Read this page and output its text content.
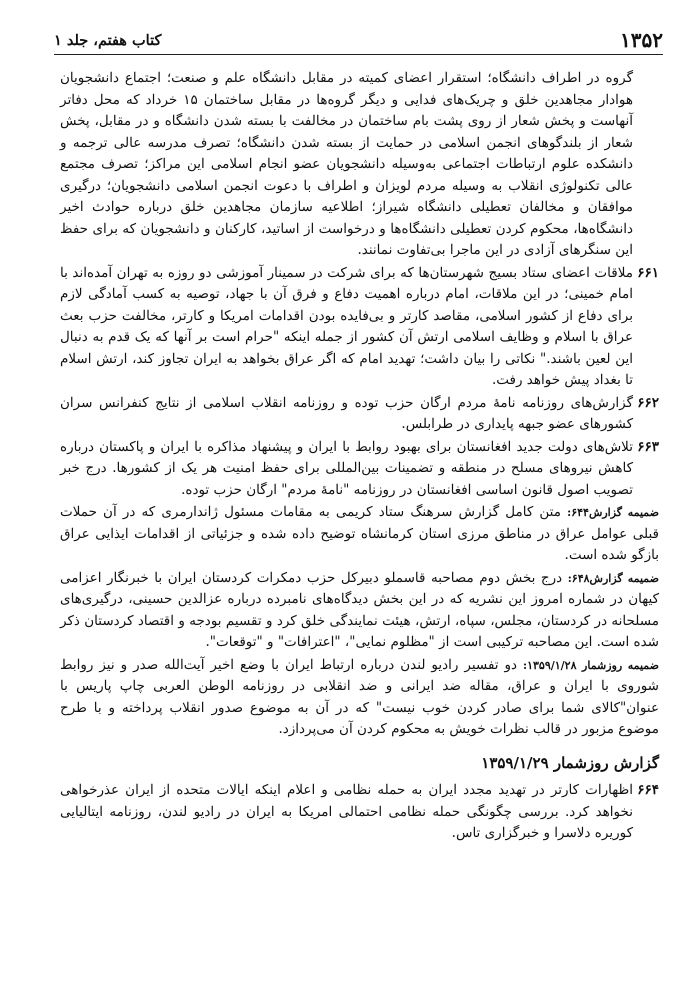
۱۳۵۲
کتاب هفتم، جلد ۱

گروه در اطراف دانشگاه؛ استقرار اعضای کمیته در مقابل دانشگاه علم و صنعت؛ اجتماع دانشجویان هوادار مجاهدین خلق و چریک‌های فدایی و دیگر گروه‌ها در مقابل ساختمان ۱۵ خرداد که محل دفاتر آنهاست و پخش شعار از روی پشت بام ساختمان در مخالفت با بسته شدن دانشگاه و در مقابل، پخش شعار از بلندگوهای انجمن اسلامی در حمایت از بسته شدن دانشگاه؛ تصرف مدرسه عالی ترجمه و دانشکده علوم ارتباطات اجتماعی به‌وسیله دانشجویان عضو انجام اسلامی این مراکز؛ تصرف مجتمع عالی تکنولوژی انقلاب به وسیله مردم لویزان و اطراف با دعوت انجمن اسلامی دانشجویان؛ درگیری موافقان و مخالفان تعطیلی دانشگاه شیراز؛ اطلاعیه سازمان مجاهدین خلق درباره حوادث اخیر دانشگاه‌ها، محکوم کردن تعطیلی دانشگاه‌ها و درخواست از اساتید، کارکنان و دانشجویان که برای حفظ این سنگرهای آزادی در این ماجرا بی‌تفاوت نمانند.

۶۶۱
ملاقات اعضای ستاد بسیج شهرستان‌ها که برای شرکت در سمینار آموزشی دو روزه به تهران آمده‌اند با امام خمینی؛ در این ملاقات، امام درباره اهمیت دفاع و فرق آن با جهاد، توصیه به کسب آمادگی لازم برای دفاع از کشور اسلامی، مقاصد کارتر و بی‌فایده بودن اقدامات امریکا و کارتر، مخالفت حزب بعث عراق با اسلام و وظایف اسلامی ارتش آن کشور از جمله اینکه "حرام است بر آنها که یک قدم به دنبال این لعین باشند." نکاتی را بیان داشت؛ تهدید امام که اگر عراق بخواهد به ایران تجاوز کند، ارتش اسلام تا بغداد پیش خواهد رفت.
۶۶۲
گزارش‌های روزنامه نامهٔ مردم ارگان حزب توده و روزنامه انقلاب اسلامی از نتایج کنفرانس سران کشورهای عضو جبهه پایداری در طرابلس.
۶۶۳
تلاش‌های دولت جدید افغانستان برای بهبود روابط با ایران و پیشنهاد مذاکره با ایران و پاکستان درباره کاهش نیروهای مسلح در منطقه و تضمینات بین‌المللی برای حفظ امنیت هر یک از کشورها. درج خبر تصویب اصول قانون اساسی افغانستان در روزنامه "نامهٔ مردم" ارگان حزب توده.

ضمیمه گزارش۶۴۴: متن کامل گزارش سرهنگ ستاد کریمی به مقامات مسئول ژاندارمری که در آن حملات قبلی عوامل عراق در مناطق مرزی استان کرمانشاه توضیح داده شده و جزئیاتی از اقدامات ایذایی عراق بازگو شده است.

ضمیمه گزارش۶۴۸: درج بخش دوم مصاحبه قاسملو دبیرکل حزب دمکرات کردستان ایران با خبرنگار اعزامی کیهان در شماره امروز این نشریه که در این بخش دیدگاه‌های نامبرده درباره عزالدین حسینی، درگیری‌های مسلحانه در کردستان، مجلس، سپاه، ارتش، هیئت نمایندگی خلق کرد و تقسیم بودجه و اقتصاد کردستان ذکر شده است. این مصاحبه ترکیبی است از "مظلوم نمایی"، "اعترافات" و "توقعات".

ضمیمه روزشمار ۱۳۵۹/۱/۲۸: دو تفسیر رادیو لندن درباره ارتباط ایران با وضع اخیر آیت‌الله صدر و نیز روابط شوروی با ایران و عراق، مقاله ضد ایرانی و ضد انقلابی در روزنامه الوطن العربی چاپ پاریس با عنوان"کالای شما برای صادر کردن خوب نیست" که در آن به موضوع صدور انقلاب پرداخته و با طرح موضوع مزبور در قالب نظرات خویش به محکوم کردن آن می‌پردازد.

گزارش روزشمار ۱۳۵۹/۱/۲۹
۶۶۴
اظهارات کارتر در تهدید مجدد ایران به حمله نظامی و اعلام اینکه ایالات متحده از ایران عذرخواهی نخواهد کرد. بررسی چگونگی حمله نظامی احتمالی امریکا به ایران در رادیو لندن، روزنامه ایتالیایی کوریره دلاسرا و خبرگزاری تاس.
